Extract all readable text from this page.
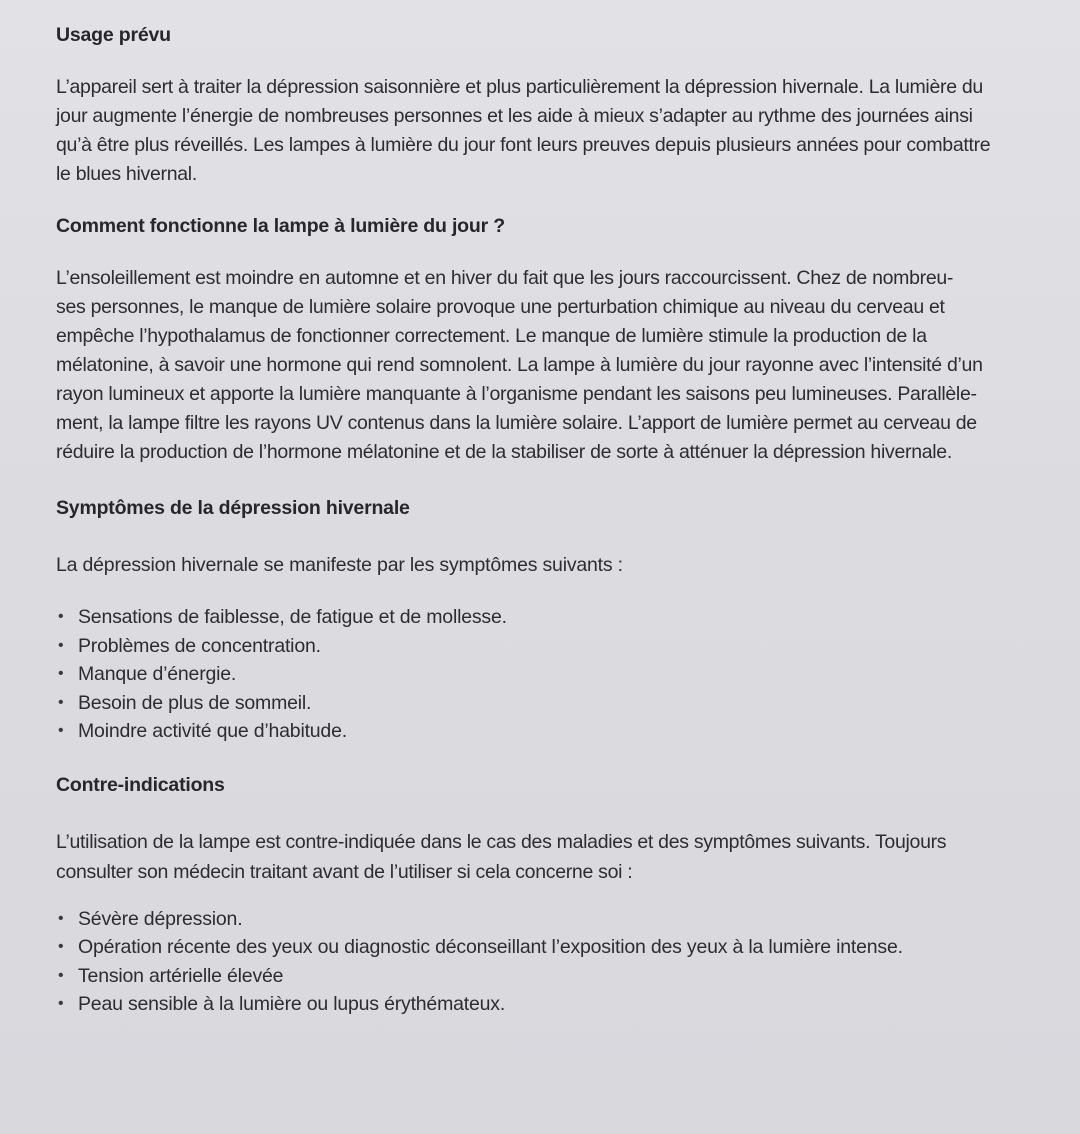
Usage prévu
L’appareil sert à traiter la dépression saisonnière et plus particulièrement la dépression hivernale. La lumière du
jour augmente l’énergie de nombreuses personnes et les aide à mieux s’adapter au rythme des journées ainsi
qu’à être plus réveillés. Les lampes à lumière du jour font leurs preuves depuis plusieurs années pour combattre
le blues hivernal.
Comment fonctionne la lampe à lumière du jour ?
L’ensoleillement est moindre en automne et en hiver du fait que les jours raccourcissent. Chez de nombreu-
ses personnes, le manque de lumière solaire provoque une perturbation chimique au niveau du cerveau et
empêche l’hypothalamus de fonctionner correctement. Le manque de lumière stimule la production de la
mélatonine, à savoir une hormone qui rend somnolent. La lampe à lumière du jour rayonne avec l’intensité d’un
rayon lumineux et apporte la lumière manquante à l’organisme pendant les saisons peu lumineuses. Parallèle-
ment, la lampe filtre les rayons UV contenus dans la lumière solaire. L’apport de lumière permet au cerveau de
réduire la production de l’hormone mélatonine et de la stabiliser de sorte à atténuer la dépression hivernale.
Symptômes de la dépression hivernale

La dépression hivernale se manifeste par les symptômes suivants :

• Sensations de faiblesse, de fatigue et de mollesse.
• Problèmes de concentration.
• Manque d’énergie.
• Besoin de plus de sommeil.
• Moindre activité que d’habitude.
Contre-indications
L’utilisation de la lampe est contre-indiquée dans le cas des maladies et des symptômes suivants. Toujours
consulter son médecin traitant avant de l’utiliser si cela concerne soi :
• Sévère dépression.
• Opération récente des yeux ou diagnostic déconseillant l’exposition des yeux à la lumière intense.
• Tension artérielle élevée
• Peau sensible à la lumière ou lupus érythémateux.
